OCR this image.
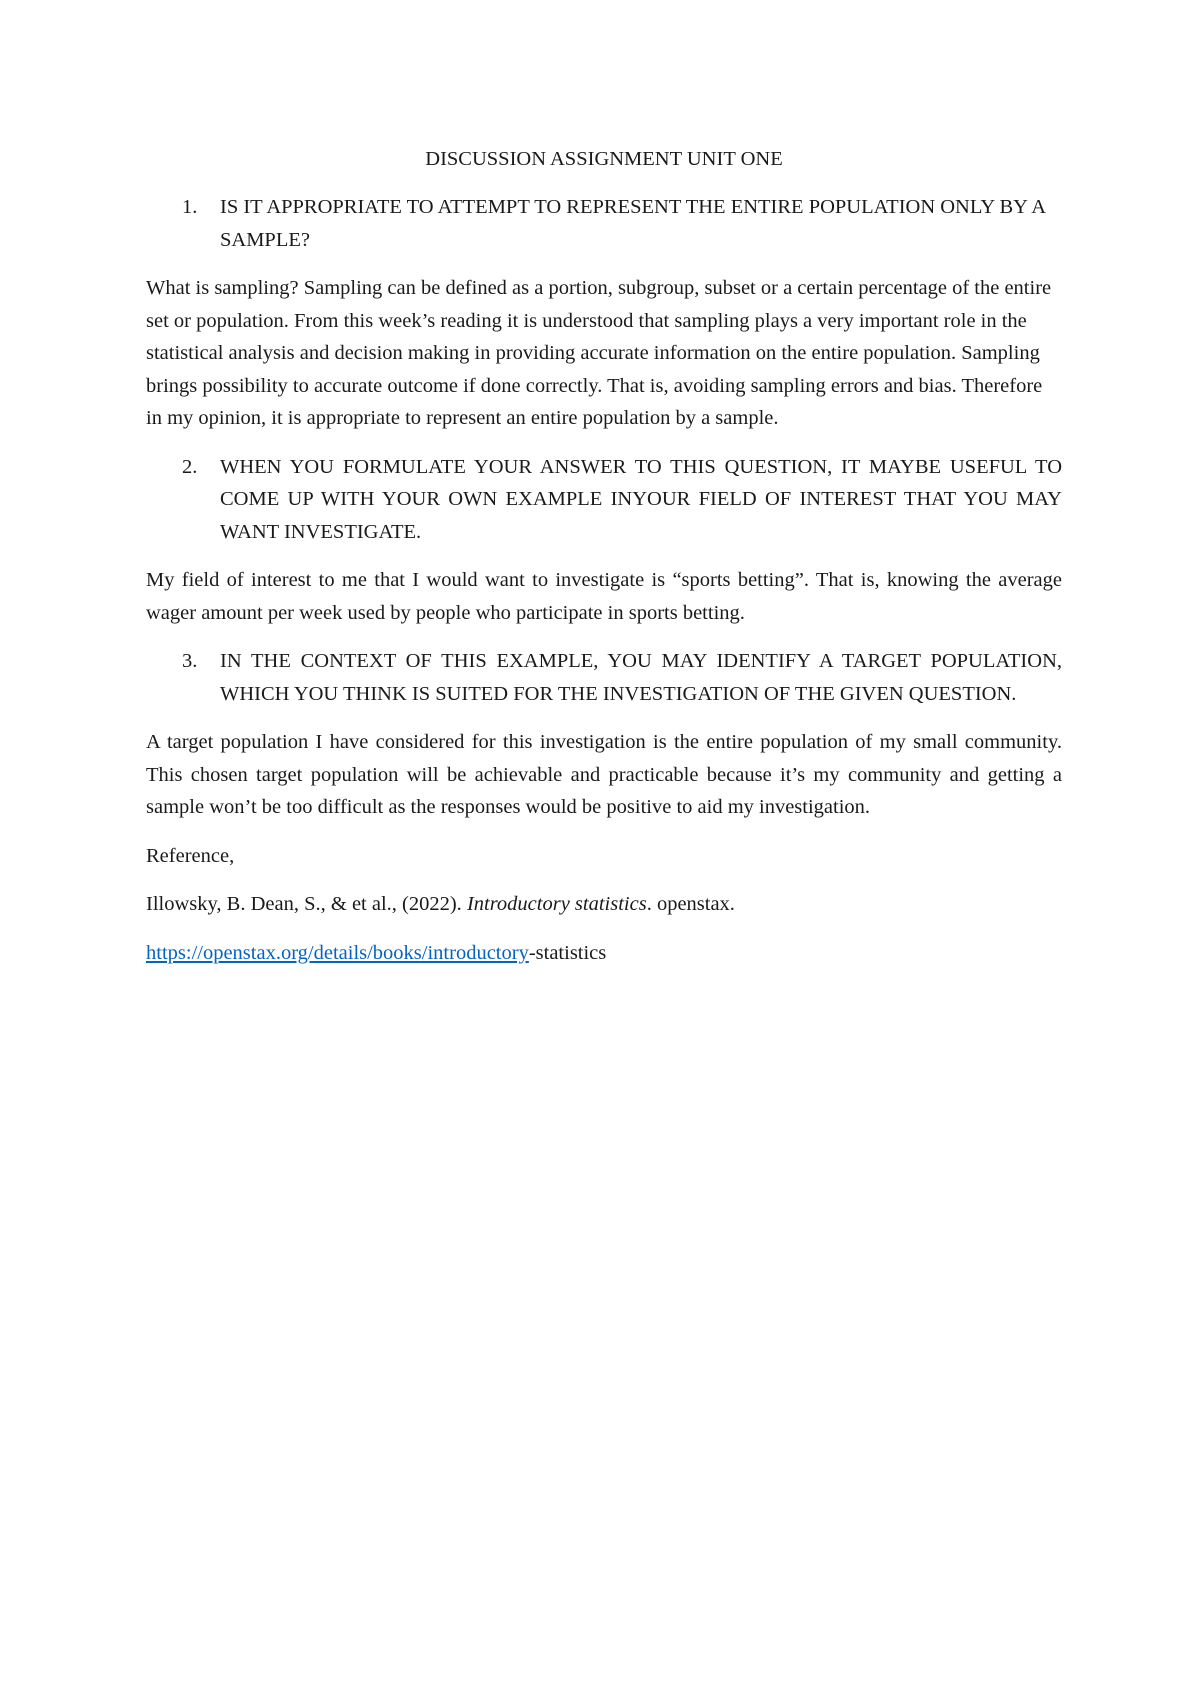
DISCUSSION ASSIGNMENT UNIT ONE
1. IS IT APPROPRIATE TO ATTEMPT TO REPRESENT THE ENTIRE POPULATION ONLY BY A SAMPLE?

What is sampling? Sampling can be defined as a portion, subgroup, subset or a certain percentage of the entire set or population. From this week’s reading it is understood that sampling plays a very important role in the statistical analysis and decision making in providing accurate information on the entire population. Sampling brings possibility to accurate outcome if done correctly. That is, avoiding sampling errors and bias. Therefore in my opinion, it is appropriate to represent an entire population by a sample.

2. WHEN YOU FORMULATE YOUR ANSWER TO THIS QUESTION, IT MAYBE USEFUL TO COME UP WITH YOUR OWN EXAMPLE INYOUR FIELD OF INTEREST THAT YOU MAY WANT INVESTIGATE.

My field of interest to me that I would want to investigate is “sports betting”. That is, knowing the average wager amount per week used by people who participate in sports betting.

3. IN THE CONTEXT OF THIS EXAMPLE, YOU MAY IDENTIFY A TARGET POPULATION, WHICH YOU THINK IS SUITED FOR THE INVESTIGATION OF THE GIVEN QUESTION.

A target population I have considered for this investigation is the entire population of my small community. This chosen target population will be achievable and practicable because it’s my community and getting a sample won’t be too difficult as the responses would be positive to aid my investigation.

Reference,

Illowsky, B. Dean, S., & et al., (2022). Introductory statistics. openstax.

https://openstax.org/details/books/introductory-statistics
